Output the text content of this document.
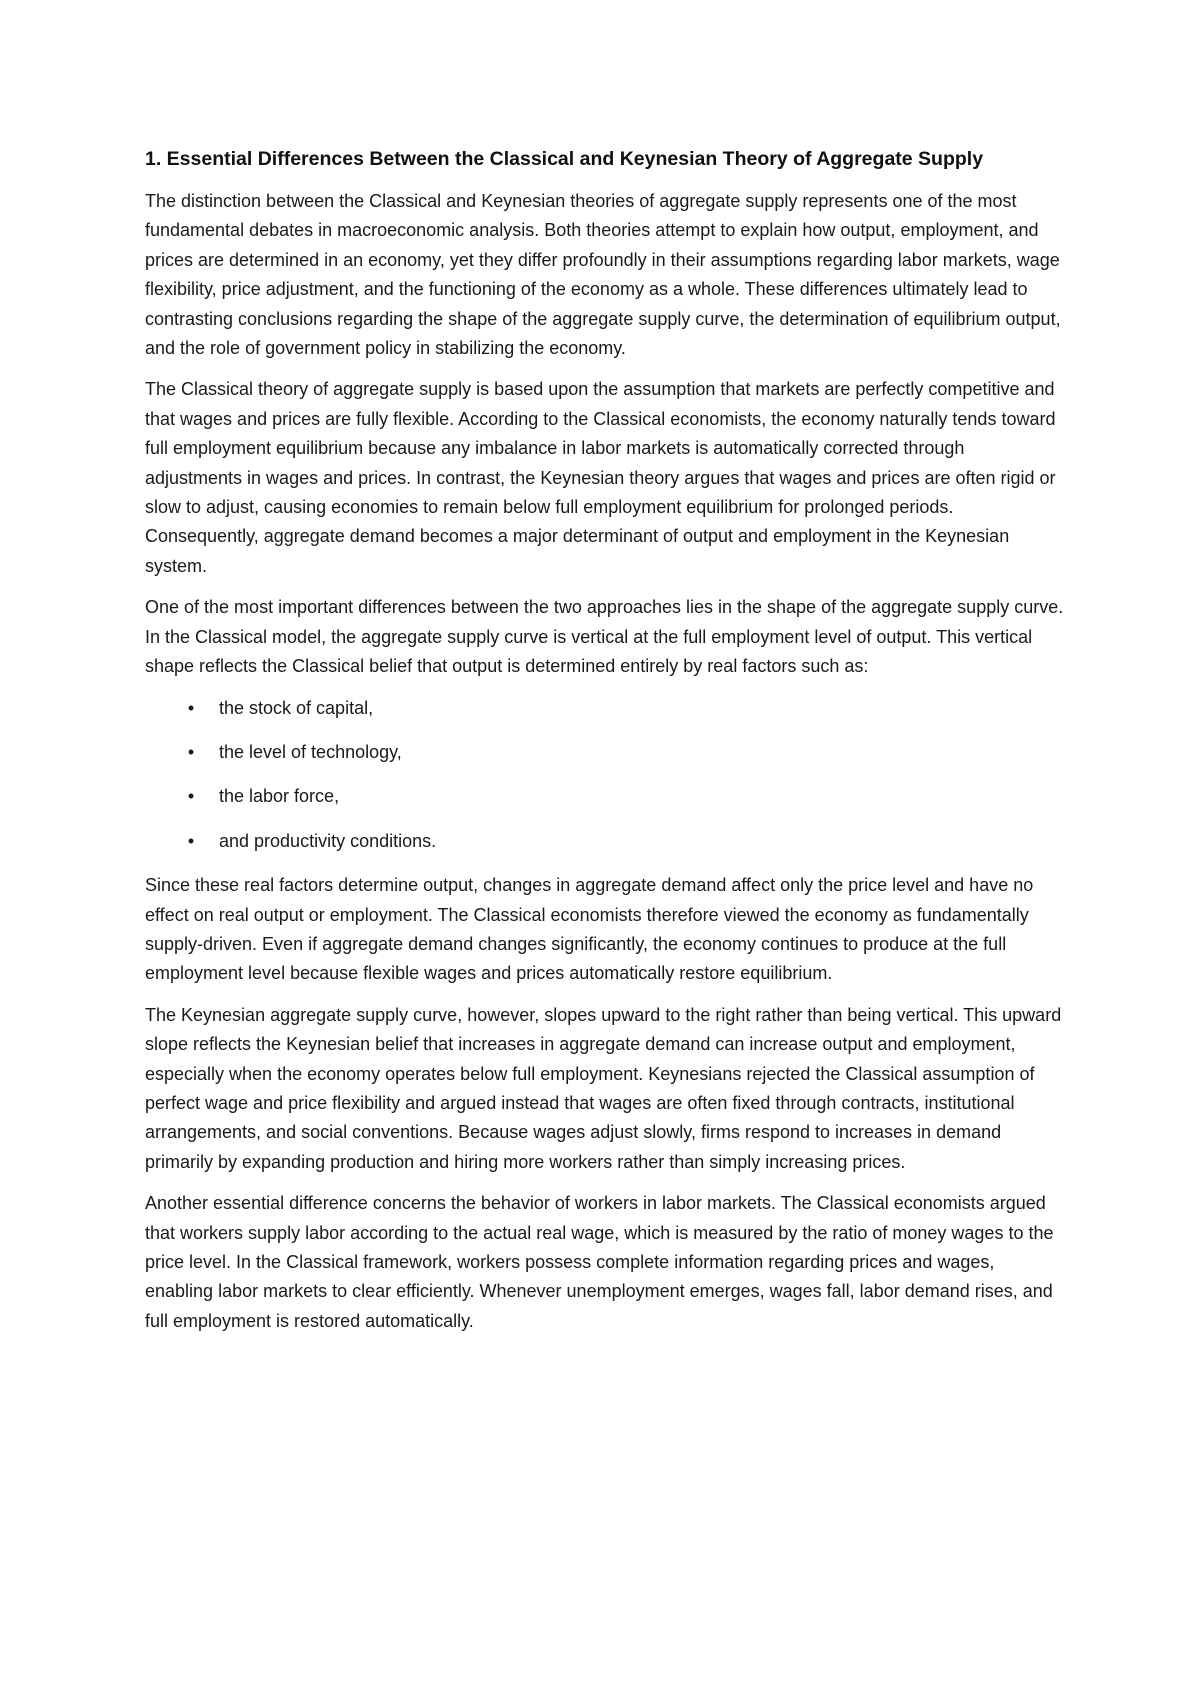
1. Essential Differences Between the Classical and Keynesian Theory of Aggregate Supply

The distinction between the Classical and Keynesian theories of aggregate supply represents one of the most fundamental debates in macroeconomic analysis. Both theories attempt to explain how output, employment, and prices are determined in an economy, yet they differ profoundly in their assumptions regarding labor markets, wage flexibility, price adjustment, and the functioning of the economy as a whole. These differences ultimately lead to contrasting conclusions regarding the shape of the aggregate supply curve, the determination of equilibrium output, and the role of government policy in stabilizing the economy.

The Classical theory of aggregate supply is based upon the assumption that markets are perfectly competitive and that wages and prices are fully flexible. According to the Classical economists, the economy naturally tends toward full employment equilibrium because any imbalance in labor markets is automatically corrected through adjustments in wages and prices. In contrast, the Keynesian theory argues that wages and prices are often rigid or slow to adjust, causing economies to remain below full employment equilibrium for prolonged periods. Consequently, aggregate demand becomes a major determinant of output and employment in the Keynesian system.

One of the most important differences between the two approaches lies in the shape of the aggregate supply curve. In the Classical model, the aggregate supply curve is vertical at the full employment level of output. This vertical shape reflects the Classical belief that output is determined entirely by real factors such as:

• the stock of capital,
• the level of technology,
• the labor force,
• and productivity conditions.

Since these real factors determine output, changes in aggregate demand affect only the price level and have no effect on real output or employment. The Classical economists therefore viewed the economy as fundamentally supply-driven. Even if aggregate demand changes significantly, the economy continues to produce at the full employment level because flexible wages and prices automatically restore equilibrium.

The Keynesian aggregate supply curve, however, slopes upward to the right rather than being vertical. This upward slope reflects the Keynesian belief that increases in aggregate demand can increase output and employment, especially when the economy operates below full employment. Keynesians rejected the Classical assumption of perfect wage and price flexibility and argued instead that wages are often fixed through contracts, institutional arrangements, and social conventions. Because wages adjust slowly, firms respond to increases in demand primarily by expanding production and hiring more workers rather than simply increasing prices.

Another essential difference concerns the behavior of workers in labor markets. The Classical economists argued that workers supply labor according to the actual real wage, which is measured by the ratio of money wages to the price level. In the Classical framework, workers possess complete information regarding prices and wages, enabling labor markets to clear efficiently. Whenever unemployment emerges, wages fall, labor demand rises, and full employment is restored automatically.
